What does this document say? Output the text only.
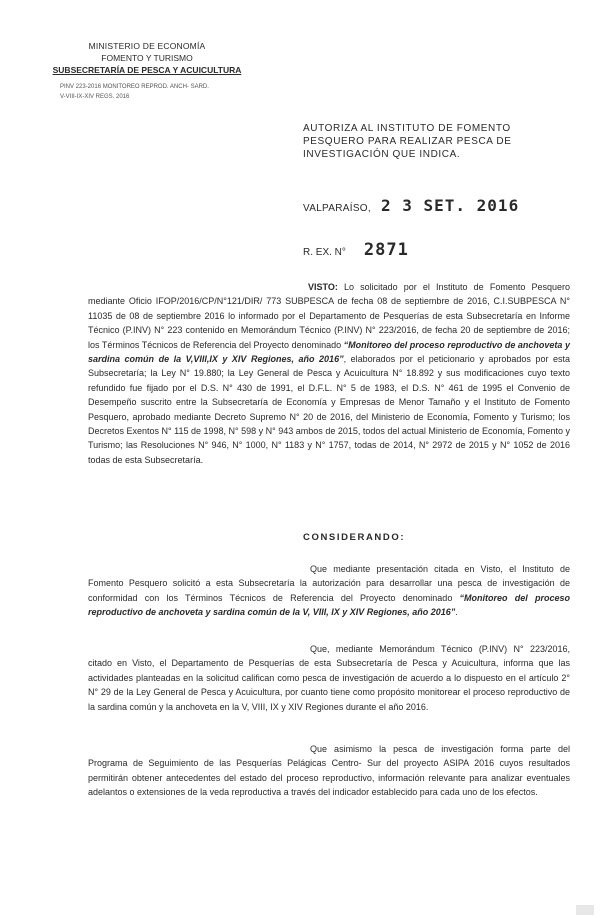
MINISTERIO DE ECONOMÍA
FOMENTO Y TURISMO
SUBSECRETARÍA DE PESCA Y ACUICULTURA
PINV 223-2016 MONITOREO REPROD. ANCH- SARD.
V-VIII-IX-XIV REGS. 2016
AUTORIZA AL INSTITUTO DE FOMENTO PESQUERO PARA REALIZAR PESCA DE INVESTIGACIÓN QUE INDICA.
VALPARAÍSO, 2 3 SET. 2016
R. EX. N° 2871
VISTO: Lo solicitado por el Instituto de Fomento Pesquero mediante Oficio IFOP/2016/CP/N°121/DIR/ 773 SUBPESCA de fecha 08 de septiembre de 2016, C.I.SUBPESCA N° 11035 de 08 de septiembre 2016 lo informado por el Departamento de Pesquerías de esta Subsecretaría en Informe Técnico (P.INV) N° 223 contenido en Memorándum Técnico (P.INV) N° 223/2016, de fecha 20 de septiembre de 2016; los Términos Técnicos de Referencia del Proyecto denominado “Monitoreo del proceso reproductivo de anchoveta y sardina común de la V,VIII,IX y XIV Regiones, año 2016”, elaborados por el peticionario y aprobados por esta Subsecretaría; la Ley N° 19.880; la Ley General de Pesca y Acuicultura N° 18.892 y sus modificaciones cuyo texto refundido fue fijado por el D.S. N° 430 de 1991, el D.F.L. N° 5 de 1983, el D.S. N° 461 de 1995 el Convenio de Desempeño suscrito entre la Subsecretaría de Economía y Empresas de Menor Tamaño y el Instituto de Fomento Pesquero, aprobado mediante Decreto Supremo N° 20 de 2016, del Ministerio de Economía, Fomento y Turismo; los Decretos Exentos N° 115 de 1998, N° 598 y N° 943 ambos de 2015, todos del actual Ministerio de Economía, Fomento y Turismo; las Resoluciones N° 946, N° 1000, N° 1183 y N° 1757, todas de 2014, N° 2972 de 2015 y N° 1052 de 2016 todas de esta Subsecretaría.
CONSIDERANDO:
Que mediante presentación citada en Visto, el Instituto de Fomento Pesquero solicitó a esta Subsecretaría la autorización para desarrollar una pesca de investigación de conformidad con los Términos Técnicos de Referencia del Proyecto denominado “Monitoreo del proceso reproductivo de anchoveta y sardina común de la V, VIII, IX y XIV Regiones, año 2016”.
Que, mediante Memorándum Técnico (P.INV) N° 223/2016, citado en Visto, el Departamento de Pesquerías de esta Subsecretaría de Pesca y Acuicultura, informa que las actividades planteadas en la solicitud califican como pesca de investigación de acuerdo a lo dispuesto en el artículo 2° N° 29 de la Ley General de Pesca y Acuicultura, por cuanto tiene como propósito monitorear el proceso reproductivo de la sardina común y la anchoveta en la V, VIII, IX y XIV Regiones durante el año 2016.
Que asimismo la pesca de investigación forma parte del Programa de Seguimiento de las Pesquerías Pelágicas Centro- Sur del proyecto ASIPA 2016 cuyos resultados permitirán obtener antecedentes del estado del proceso reproductivo, información relevante para analizar eventuales adelantos o extensiones de la veda reproductiva a través del indicador establecido para cada uno de los efectos.
